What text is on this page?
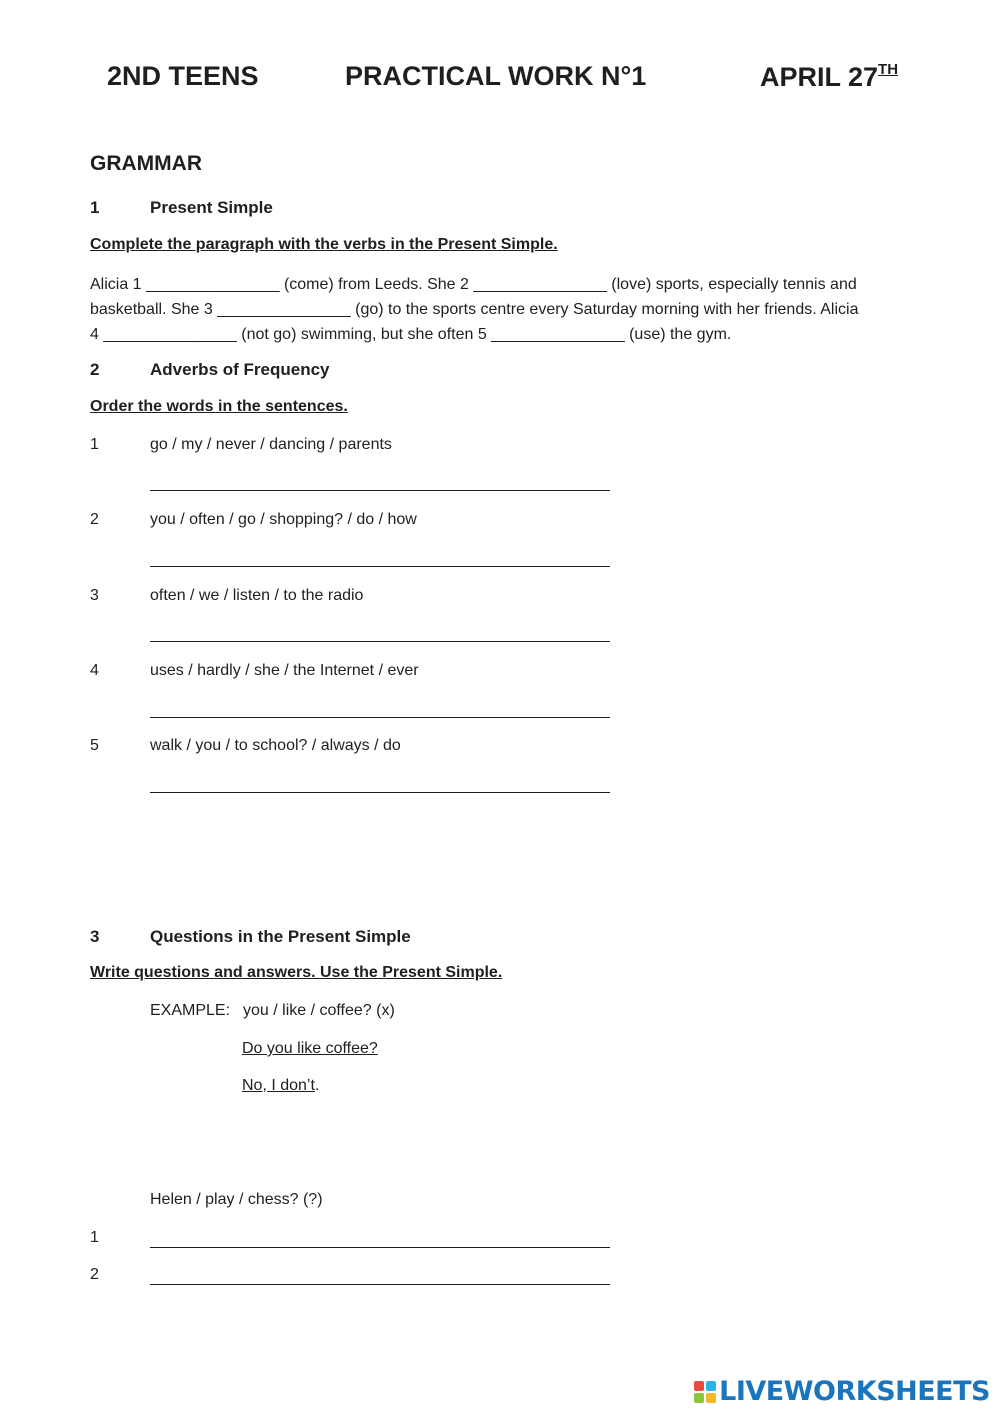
2ND TEENS	PRACTICAL WORK N°1	APRIL 27TH
GRAMMAR
1	Present Simple
Complete the paragraph with the verbs in the Present Simple.

Alicia 1 _______________ (come) from Leeds. She 2 _______________ (love) sports, especially tennis and

basketball. She 3 _______________ (go) to the sports centre every Saturday morning with her friends. Alicia

4 _______________ (not go) swimming, but she often 5 _______________ (use) the gym.

2	Adverbs of Frequency
Order the words in the sentences.
1	go / my / never / dancing / parents
2	you / often / go / shopping? / do / how
3	often / we / listen / to the radio
4	uses / hardly / she / the Internet / ever
5	walk / you / to school? / always / do
3	Questions in the Present Simple
Write questions and answers. Use the Present Simple.
EXAMPLE: you / like / coffee? (x)
Do you like coffee?
No, I don’t.
Helen / play / chess? (?)
1
2
LIVEWORKSHEETS
